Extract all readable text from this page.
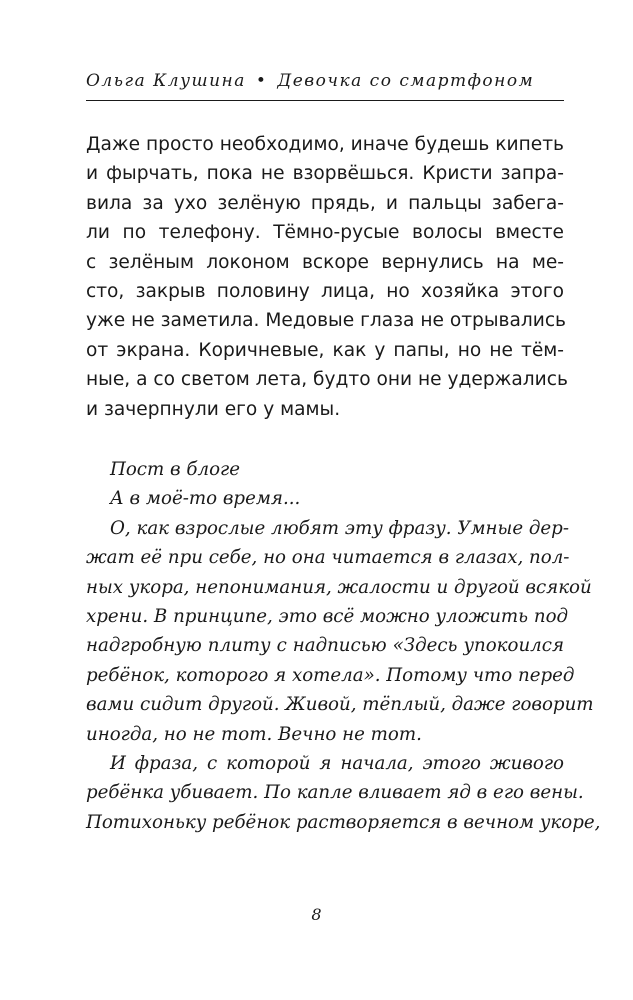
Ольга Клушина • Девочка со смартфоном
Даже просто необходимо, иначе будешь кипеть
и фырчать, пока не взорвёшься. Кристи запра-
вила за ухо зелёную прядь, и пальцы забега-
ли по телефону. Тёмно-русые волосы вместе
с зелёным локоном вскоре вернулись на ме-
сто, закрыв половину лица, но хозяйка этого
уже не заметила. Медовые глаза не отрывались
от экрана. Коричневые, как у папы, но не тём-
ные, а со светом лета, будто они не удержались
и зачерпнули его у мамы.
Пост в блоге
А в моё-то время...
О, как взрослые любят эту фразу. Умные дер-
жат её при себе, но она читается в глазах, пол-
ных укора, непонимания, жалости и другой всякой
хрени. В принципе, это всё можно уложить под
надгробную плиту с надписью «Здесь упокоился
ребёнок, которого я хотела». Потому что перед
вами сидит другой. Живой, тёплый, даже говорит
иногда, но не тот. Вечно не тот.
И фраза, с которой я начала, этого живого
ребёнка убивает. По капле вливает яд в его вены.
Потихоньку ребёнок растворяется в вечном укоре,
8
